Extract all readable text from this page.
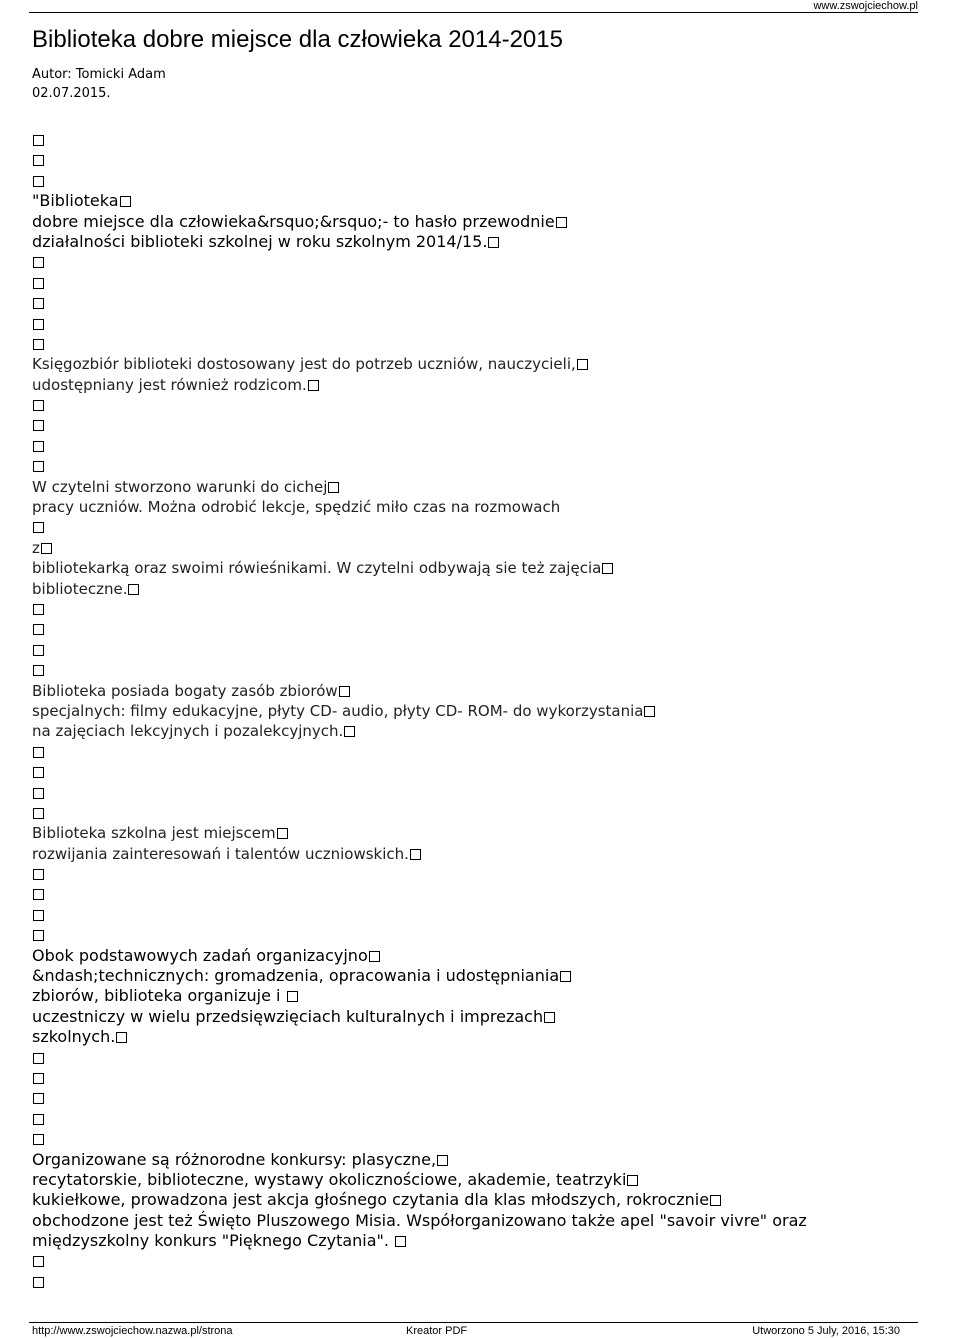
www.zswojciechow.pl
Biblioteka dobre miejsce dla człowieka 2014-2015
Autor: Tomicki Adam
02.07.2015.
"Biblioteka
dobre miejsce dla człowieka&rsquo;&rsquo;- to hasło przewodnie
działalności biblioteki szkolnej w roku szkolnym 2014/15.
Księgozbiór biblioteki dostosowany jest do potrzeb uczniów, nauczycieli,
udostępniany jest również rodzicom.
W czytelni stworzono warunki do cichej
pracy uczniów. Można odrobić lekcje, spędzić miło czas na rozmowach
z
bibliotekarką oraz swoimi rówieśnikami. W czytelni odbywają sie też zajęcia
biblioteczne.
Biblioteka posiada bogaty zasób zbiorów
specjalnych: filmy edukacyjne, płyty CD- audio, płyty CD- ROM- do wykorzystania
na zajęciach lekcyjnych i pozalekcyjnych.
Biblioteka szkolna jest miejscem
rozwijania zainteresowań i talentów uczniowskich.
Obok podstawowych zadań organizacyjno
&ndash;technicznych: gromadzenia, opracowania i udostępniania
zbiorów, biblioteka organizuje i
uczestniczy w wielu przedsięwzięciach kulturalnych i imprezach
szkolnych.
Organizowane są różnorodne konkursy: plasyczne,
recytatorskie, biblioteczne, wystawy okolicznościowe, akademie, teatrzyki
kukiełkowe, prowadzona jest akcja głośnego czytania dla klas młodszych, rokrocznie
obchodzone jest też Święto Pluszowego Misia. Współorganizowano także apel "savoir vivre" oraz
międzyszkolny konkurs "Pięknego Czytania".
http://www.zswojciechow.nazwa.pl/strona	Kreator PDF	Utworzono 5 July, 2016, 15:30
